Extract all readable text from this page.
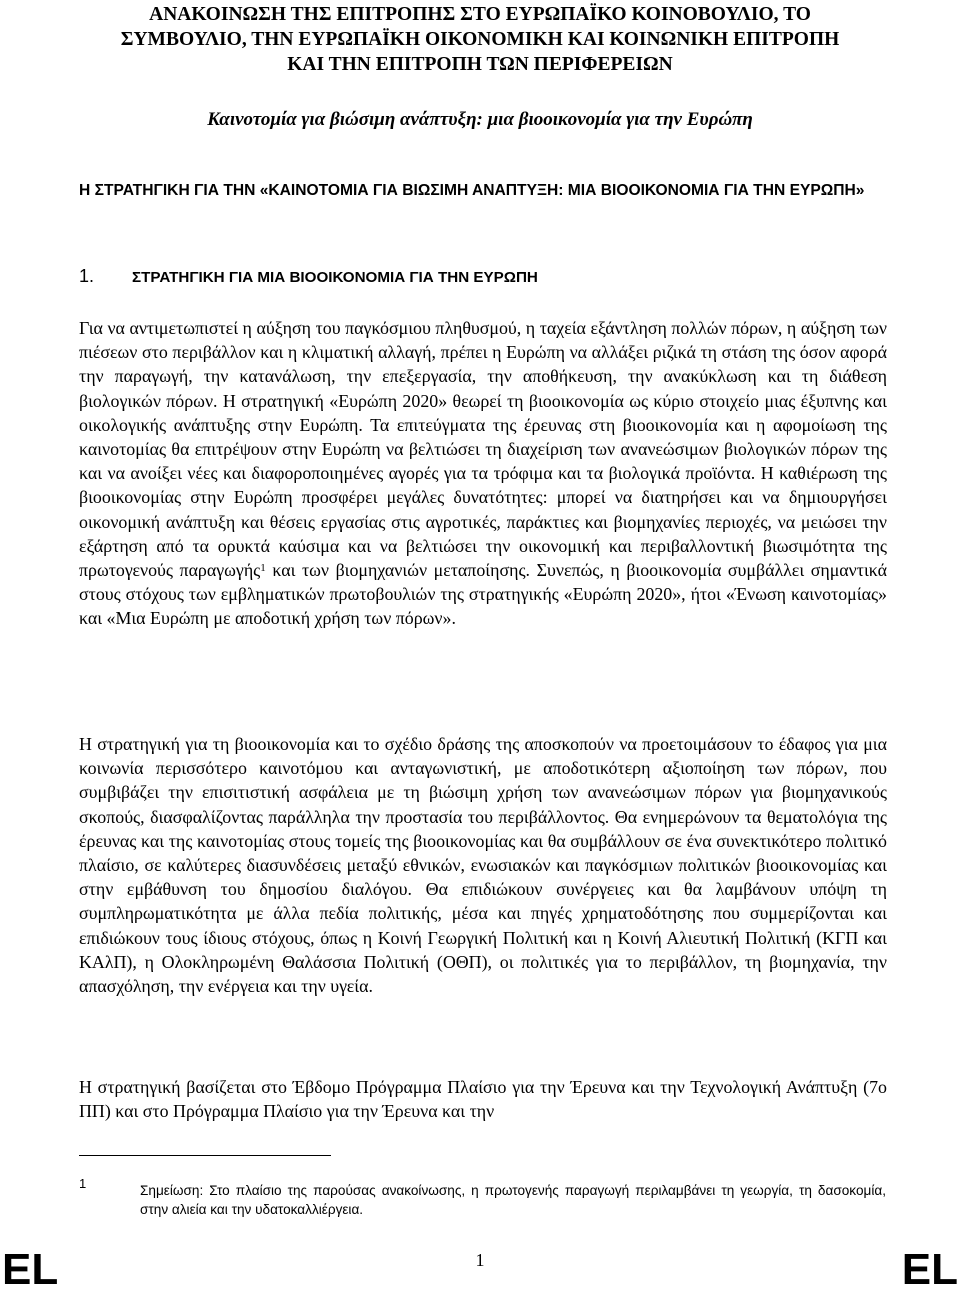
ΑΝΑΚΟΙΝΩΣΗ ΤΗΣ ΕΠΙΤΡΟΠΗΣ ΣΤΟ ΕΥΡΩΠΑΪΚΟ ΚΟΙΝΟΒΟΥΛΙΟ, ΤΟ
ΣΥΜΒΟΥΛΙΟ, ΤΗΝ ΕΥΡΩΠΑΪΚΗ ΟΙΚΟΝΟΜΙΚΗ ΚΑΙ ΚΟΙΝΩΝΙΚΗ ΕΠΙΤΡΟΠΗ
ΚΑΙ ΤΗΝ ΕΠΙΤΡΟΠΗ ΤΩΝ ΠΕΡΙΦΕΡΕΙΩΝ
Καινοτομία για βιώσιμη ανάπτυξη: μια βιοοικονομία για την Ευρώπη
Η ΣΤΡΑΤΗΓΙΚΗ ΓΙΑ ΤΗΝ «ΚΑΙΝΟΤΟΜΙΑ ΓΙΑ ΒΙΩΣΙΜΗ ΑΝΑΠΤΥΞΗ: ΜΙΑ ΒΙΟΟΙΚΟΝΟΜΙΑ ΓΙΑ ΤΗΝ ΕΥΡΩΠΗ»
1.	ΣΤΡΑΤΗΓΙΚΗ ΓΙΑ ΜΙΑ ΒΙΟΟΙΚΟΝΟΜΙΑ ΓΙΑ ΤΗΝ ΕΥΡΩΠΗ
Για να αντιμετωπιστεί η αύξηση του παγκόσμιου πληθυσμού, η ταχεία εξάντληση πολλών πόρων, η αύξηση των πιέσεων στο περιβάλλον και η κλιματική αλλαγή, πρέπει η Ευρώπη να αλλάξει ριζικά τη στάση της όσον αφορά την παραγωγή, την κατανάλωση, την επεξεργασία, την αποθήκευση, την ανακύκλωση και τη διάθεση βιολογικών πόρων. Η στρατηγική «Ευρώπη 2020» θεωρεί τη βιοοικονομία ως κύριο στοιχείο μιας έξυπνης και οικολογικής ανάπτυξης στην Ευρώπη. Τα επιτεύγματα της έρευνας στη βιοοικονομία και η αφομοίωση της καινοτομίας θα επιτρέψουν στην Ευρώπη να βελτιώσει τη διαχείριση των ανανεώσιμων βιολογικών πόρων της και να ανοίξει νέες και διαφοροποιημένες αγορές για τα τρόφιμα και τα βιολογικά προϊόντα. Η καθιέρωση της βιοοικονομίας στην Ευρώπη προσφέρει μεγάλες δυνατότητες: μπορεί να διατηρήσει και να δημιουργήσει οικονομική ανάπτυξη και θέσεις εργασίας στις αγροτικές, παράκτιες και βιομηχανίες περιοχές, να μειώσει την εξάρτηση από τα ορυκτά καύσιμα και να βελτιώσει την οικονομική και περιβαλλοντική βιωσιμότητα της πρωτογενούς παραγωγής$^1$ και των βιομηχανιών μεταποίησης. Συνεπώς, η βιοοικονομία συμβάλλει σημαντικά στους στόχους των εμβληματικών πρωτοβουλιών της στρατηγικής «Ευρώπη 2020», ήτοι «Ένωση καινοτομίας» και «Μια Ευρώπη με αποδοτική χρήση των πόρων».
Η στρατηγική για τη βιοοικονομία και το σχέδιο δράσης της αποσκοπούν να προετοιμάσουν το έδαφος για μια κοινωνία περισσότερο καινοτόμου και ανταγωνιστική, με αποδοτικότερη αξιοποίηση των πόρων, που συμβιβάζει την επισιτιστική ασφάλεια με τη βιώσιμη χρήση των ανανεώσιμων πόρων για βιομηχανικούς σκοπούς, διασφαλίζοντας παράλληλα την προστασία του περιβάλλοντος. Θα ενημερώνουν τα θεματολόγια της έρευνας και της καινοτομίας στους τομείς της βιοοικονομίας και θα συμβάλλουν σε ένα συνεκτικότερο πολιτικό πλαίσιο, σε καλύτερες διασυνδέσεις μεταξύ εθνικών, ενωσιακών και παγκόσμιων πολιτικών βιοοικονομίας και στην εμβάθυνση του δημοσίου διαλόγου. Θα επιδιώκουν συνέργειες και θα λαμβάνουν υπόψη τη συμπληρωματικότητα με άλλα πεδία πολιτικής, μέσα και πηγές χρηματοδότησης που συμμερίζονται και επιδιώκουν τους ίδιους στόχους, όπως η Κοινή Γεωργική Πολιτική και η Κοινή Αλιευτική Πολιτική (ΚΓΠ και ΚΑλΠ), η Ολοκληρωμένη Θαλάσσια Πολιτική (ΟΘΠ), οι πολιτικές για το περιβάλλον, τη βιομηχανία, την απασχόληση, την ενέργεια και την υγεία.
Η στρατηγική βασίζεται στο Έβδομο Πρόγραμμα Πλαίσιο για την Έρευνα και την Τεχνολογική Ανάπτυξη (7ο ΠΠ) και στο Πρόγραμμα Πλαίσιο για την Έρευνα και την
1	Σημείωση: Στο πλαίσιο της παρούσας ανακοίνωσης, η πρωτογενής παραγωγή περιλαμβάνει τη γεωργία, τη δασοκομία, στην αλιεία και την υδατοκαλλιέργεια.
EL	1	EL
